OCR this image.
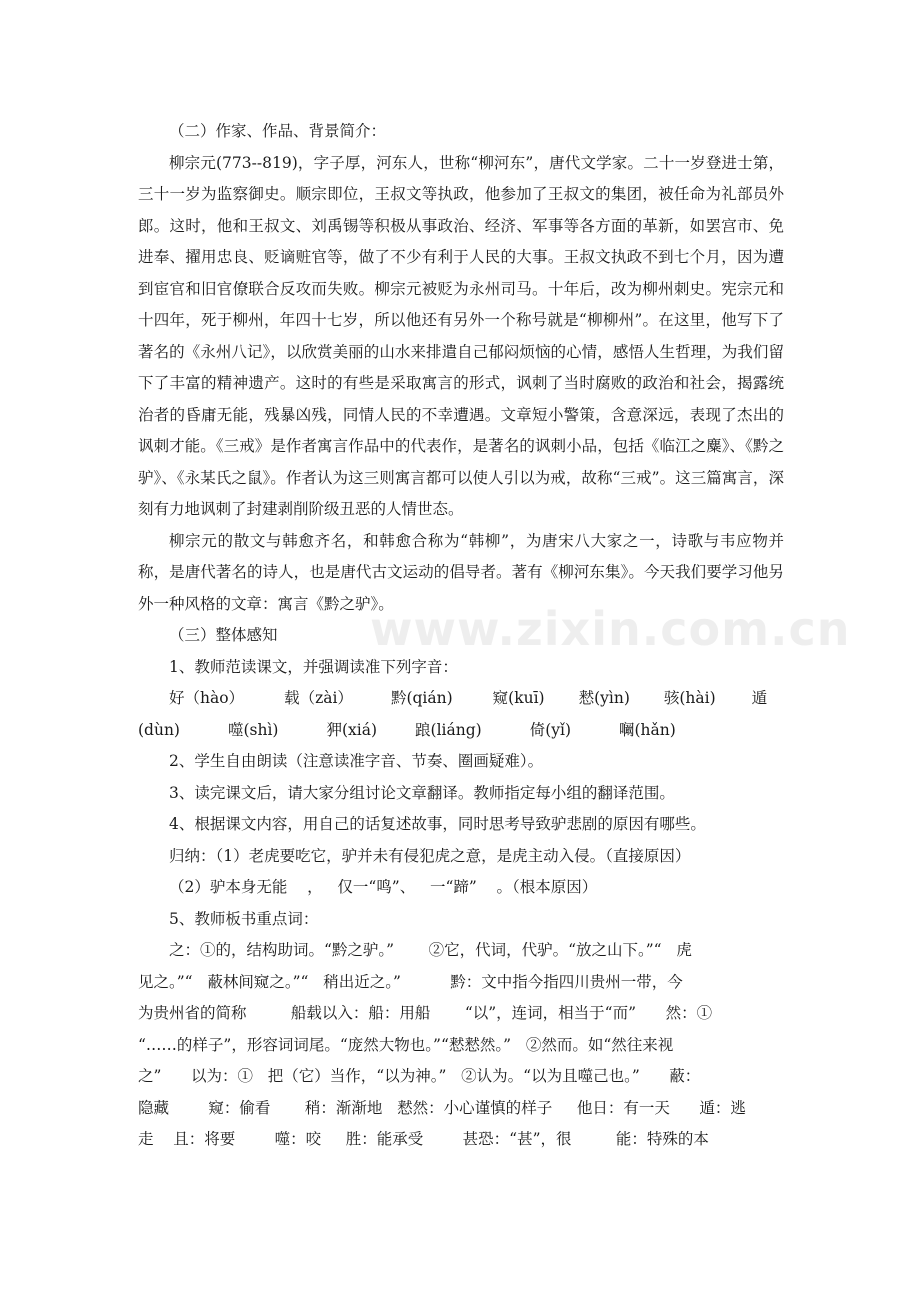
（二）作家、作品、背景简介：

柳宗元(773--819)，字子厚，河东人，世称“柳河东”，唐代文学家。二十一岁登进士第，三十一岁为监察御史。顺宗即位，王叔文等执政，他参加了王叔文的集团，被任命为礼部员外郎。这时，他和王叔文、刘禹锡等积极从事政治、经济、军事等各方面的革新，如罢宫市、免进奉、擢用忠良、贬谪赃官等，做了不少有利于人民的大事。王叔文执政不到七个月，因为遭到宦官和旧官僚联合反攻而失败。柳宗元被贬为永州司马。十年后，改为柳州刺史。宪宗元和十四年，死于柳州，年四十七岁，所以他还有另外一个称号就是“柳柳州”。在这里，他写下了著名的《永州八记》，以欣赏美丽的山水来排遣自己郁闷烦恼的心情，感悟人生哲理，为我们留下了丰富的精神遗产。这时的有些是采取寓言的形式，讽刺了当时腐败的政治和社会，揭露统治者的昏庸无能，残暴凶残，同情人民的不幸遭遇。文章短小警策，含意深远，表现了杰出的讽刺才能。《三戒》是作者寓言作品中的代表作，是著名的讽刺小品，包括《临江之麋》、《黔之驴》、《永某氏之鼠》。作者认为这三则寓言都可以使人引以为戒，故称“三戒”。这三篇寓言，深刻有力地讽刺了封建剥削阶级丑恶的人情世态。

柳宗元的散文与韩愈齐名，和韩愈合称为“韩柳”，为唐宋八大家之一，诗歌与韦应物并称，是唐代著名的诗人，也是唐代古文运动的倡导者。著有《柳河东集》。今天我们要学习他另外一种风格的文章：寓言《黔之驴》。

（三）整体感知

1、教师范读课文，并强调读准下列字音：

好（hào）	载（zài） 黔(qián)	窥(kuī) 慭(yìn) 骇(hài) 遁
(dùn)	噬(shì)	狎(xiá) 踉(liáng)	倚(yǐ)	㘎(hǎn)

2、学生自由朗读（注意读准字音、节奏、圈画疑难）。

3、读完课文后，请大家分组讨论文章翻译。教师指定每小组的翻译范围。

4、根据课文内容，用自己的话复述故事，同时思考导致驴悲剧的原因有哪些。

归纳：（1）老虎要吃它，驴并未有侵犯虎之意，是虎主动入侵。（直接原因）

（2）驴本身无能    ，   仅一“鸣”、   一“蹄”    。（根本原因）

5、教师板书重点词：

之：①的，结构助词。“黔之驴。”       ②它，代词，代驴。“放之山下。”“   虎
见之。”“   蔽林间窥之。”“   稍出近之。”          黔：文中指今指四川贵州一带，今
为贵州省的简称         船载以入：船：用船       “以”，连词，相当于“而”      然：①
“……的样子”，形容词词尾。“庞然大物也。”“慭慭然。”   ②然而。如“然往来视
之”      以为：①   把（它）当作，“以为神。”   ②认为。“以为且噬己也。”      蔽：
隐藏        窥：偷看       稍：渐渐地   慭然：小心谨慎的样子     他日：有一天      遁：逃
走    且：将要        噬：咬     胜：能承受        甚恐：“甚”，很         能：特殊的本
www.zixin.com.cn
